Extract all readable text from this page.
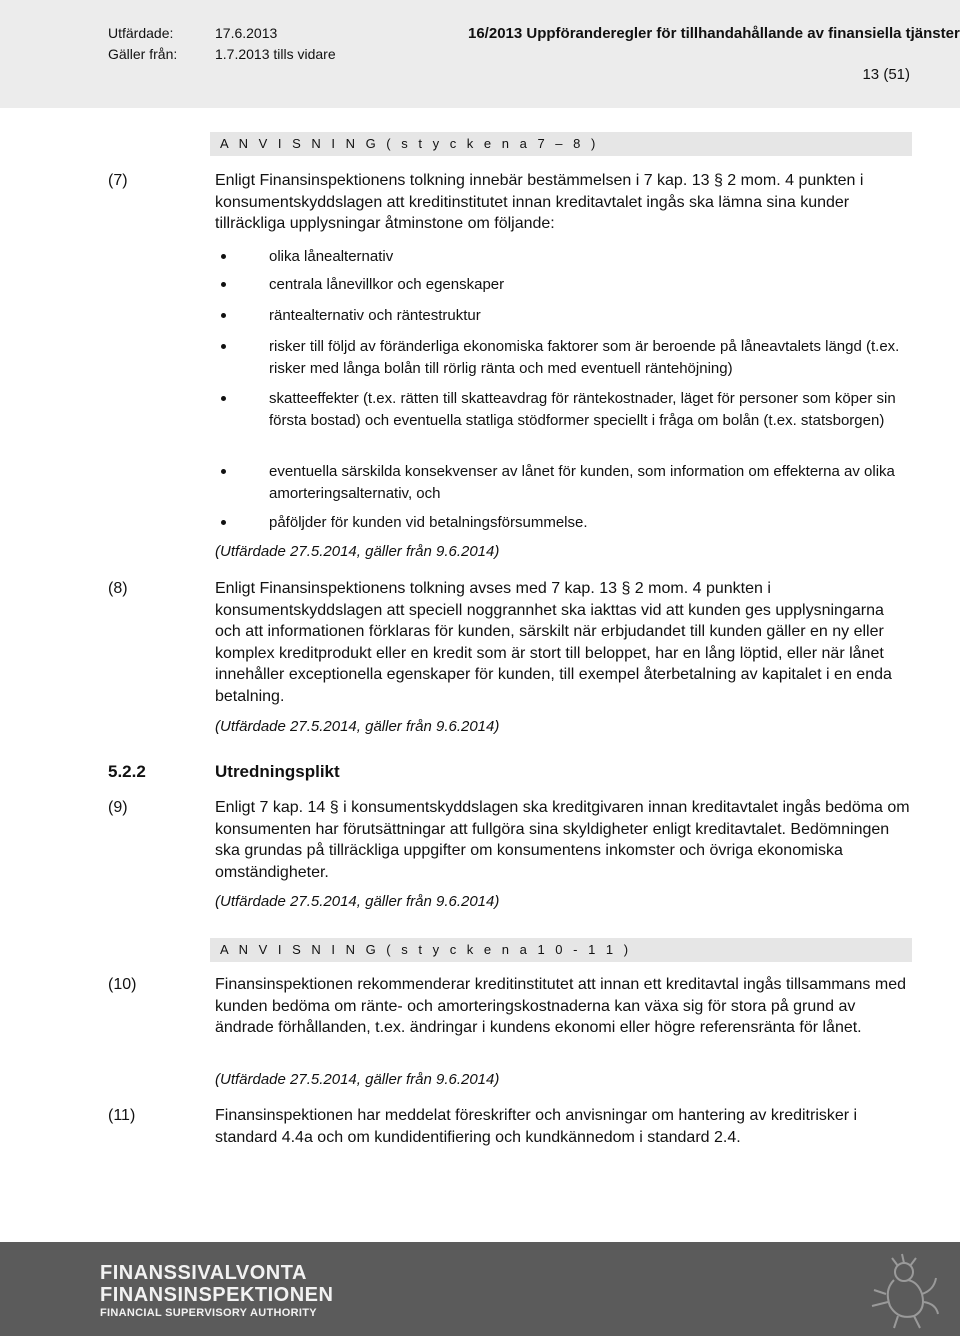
Utfärdade:	17.6.2013
Gäller från:	1.7.2013 tills vidare
16/2013 Uppföranderegler för tillhandahållande av finansiella tjänster
13 (51)
A N V I S N I N G ( s t y c k e n a 7 – 8 )
(7)	Enligt Finansinspektionens tolkning innebär bestämmelsen i 7 kap. 13 § 2 mom. 4 punkten i konsumentskyddslagen att kreditinstitutet innan kreditavtalet ingås ska lämna sina kunder tillräckliga upplysningar åtminstone om följande:
olika lånealternativ
centrala lånevillkor och egenskaper
räntealternativ och räntestruktur
risker till följd av föränderliga ekonomiska faktorer som är beroende på låneavtalets längd (t.ex. risker med långa bolån till rörlig ränta och med eventuell räntehöjning)
skatteeffekter (t.ex. rätten till skatteavdrag för räntekostnader, läget för personer som köper sin första bostad) och eventuella statliga stödformer speciellt i fråga om bolån (t.ex. statsborgen)
eventuella särskilda konsekvenser av lånet för kunden, som information om effekterna av olika amorteringsalternativ, och
påföljder för kunden vid betalningsförsummelse.
(Utfärdade 27.5.2014, gäller från 9.6.2014)
(8)	Enligt Finansinspektionens tolkning avses med 7 kap. 13 § 2 mom. 4 punkten i konsumentskyddslagen att speciell noggrannhet ska iakttas vid att kunden ges upplysningarna och att informationen förklaras för kunden, särskilt när erbjudandet till kunden gäller en ny eller komplex kreditprodukt eller en kredit som är stort till beloppet, har en lång löptid, eller när lånet innehåller exceptionella egenskaper för kunden, till exempel återbetalning av kapitalet i en enda betalning.
(Utfärdade 27.5.2014, gäller från 9.6.2014)
5.2.2	Utredningsplikt
(9)	Enligt 7 kap. 14 § i konsumentskyddslagen ska kreditgivaren innan kreditavtalet ingås bedöma om konsumenten har förutsättningar att fullgöra sina skyldigheter enligt kreditavtalet. Bedömningen ska grundas på tillräckliga uppgifter om konsumentens inkomster och övriga ekonomiska omständigheter.
(Utfärdade 27.5.2014, gäller från 9.6.2014)
A N V I S N I N G ( s t y c k e n a 1 0 - 1 1 )
(10)	Finansinspektionen rekommenderar kreditinstitutet att innan ett kreditavtal ingås tillsammans med kunden bedöma om ränte- och amorteringskostnaderna kan växa sig för stora på grund av ändrade förhållanden, t.ex. ändringar i kundens ekonomi eller högre referensränta för lånet.
(Utfärdade 27.5.2014, gäller från 9.6.2014)
(11)	Finansinspektionen har meddelat föreskrifter och anvisningar om hantering av kreditrisker i standard 4.4a och om kundidentifiering och kundkännedom i standard 2.4.
FINANSSIVALVONTA
FINANSINSPEKTIONEN
FINANCIAL SUPERVISORY AUTHORITY
